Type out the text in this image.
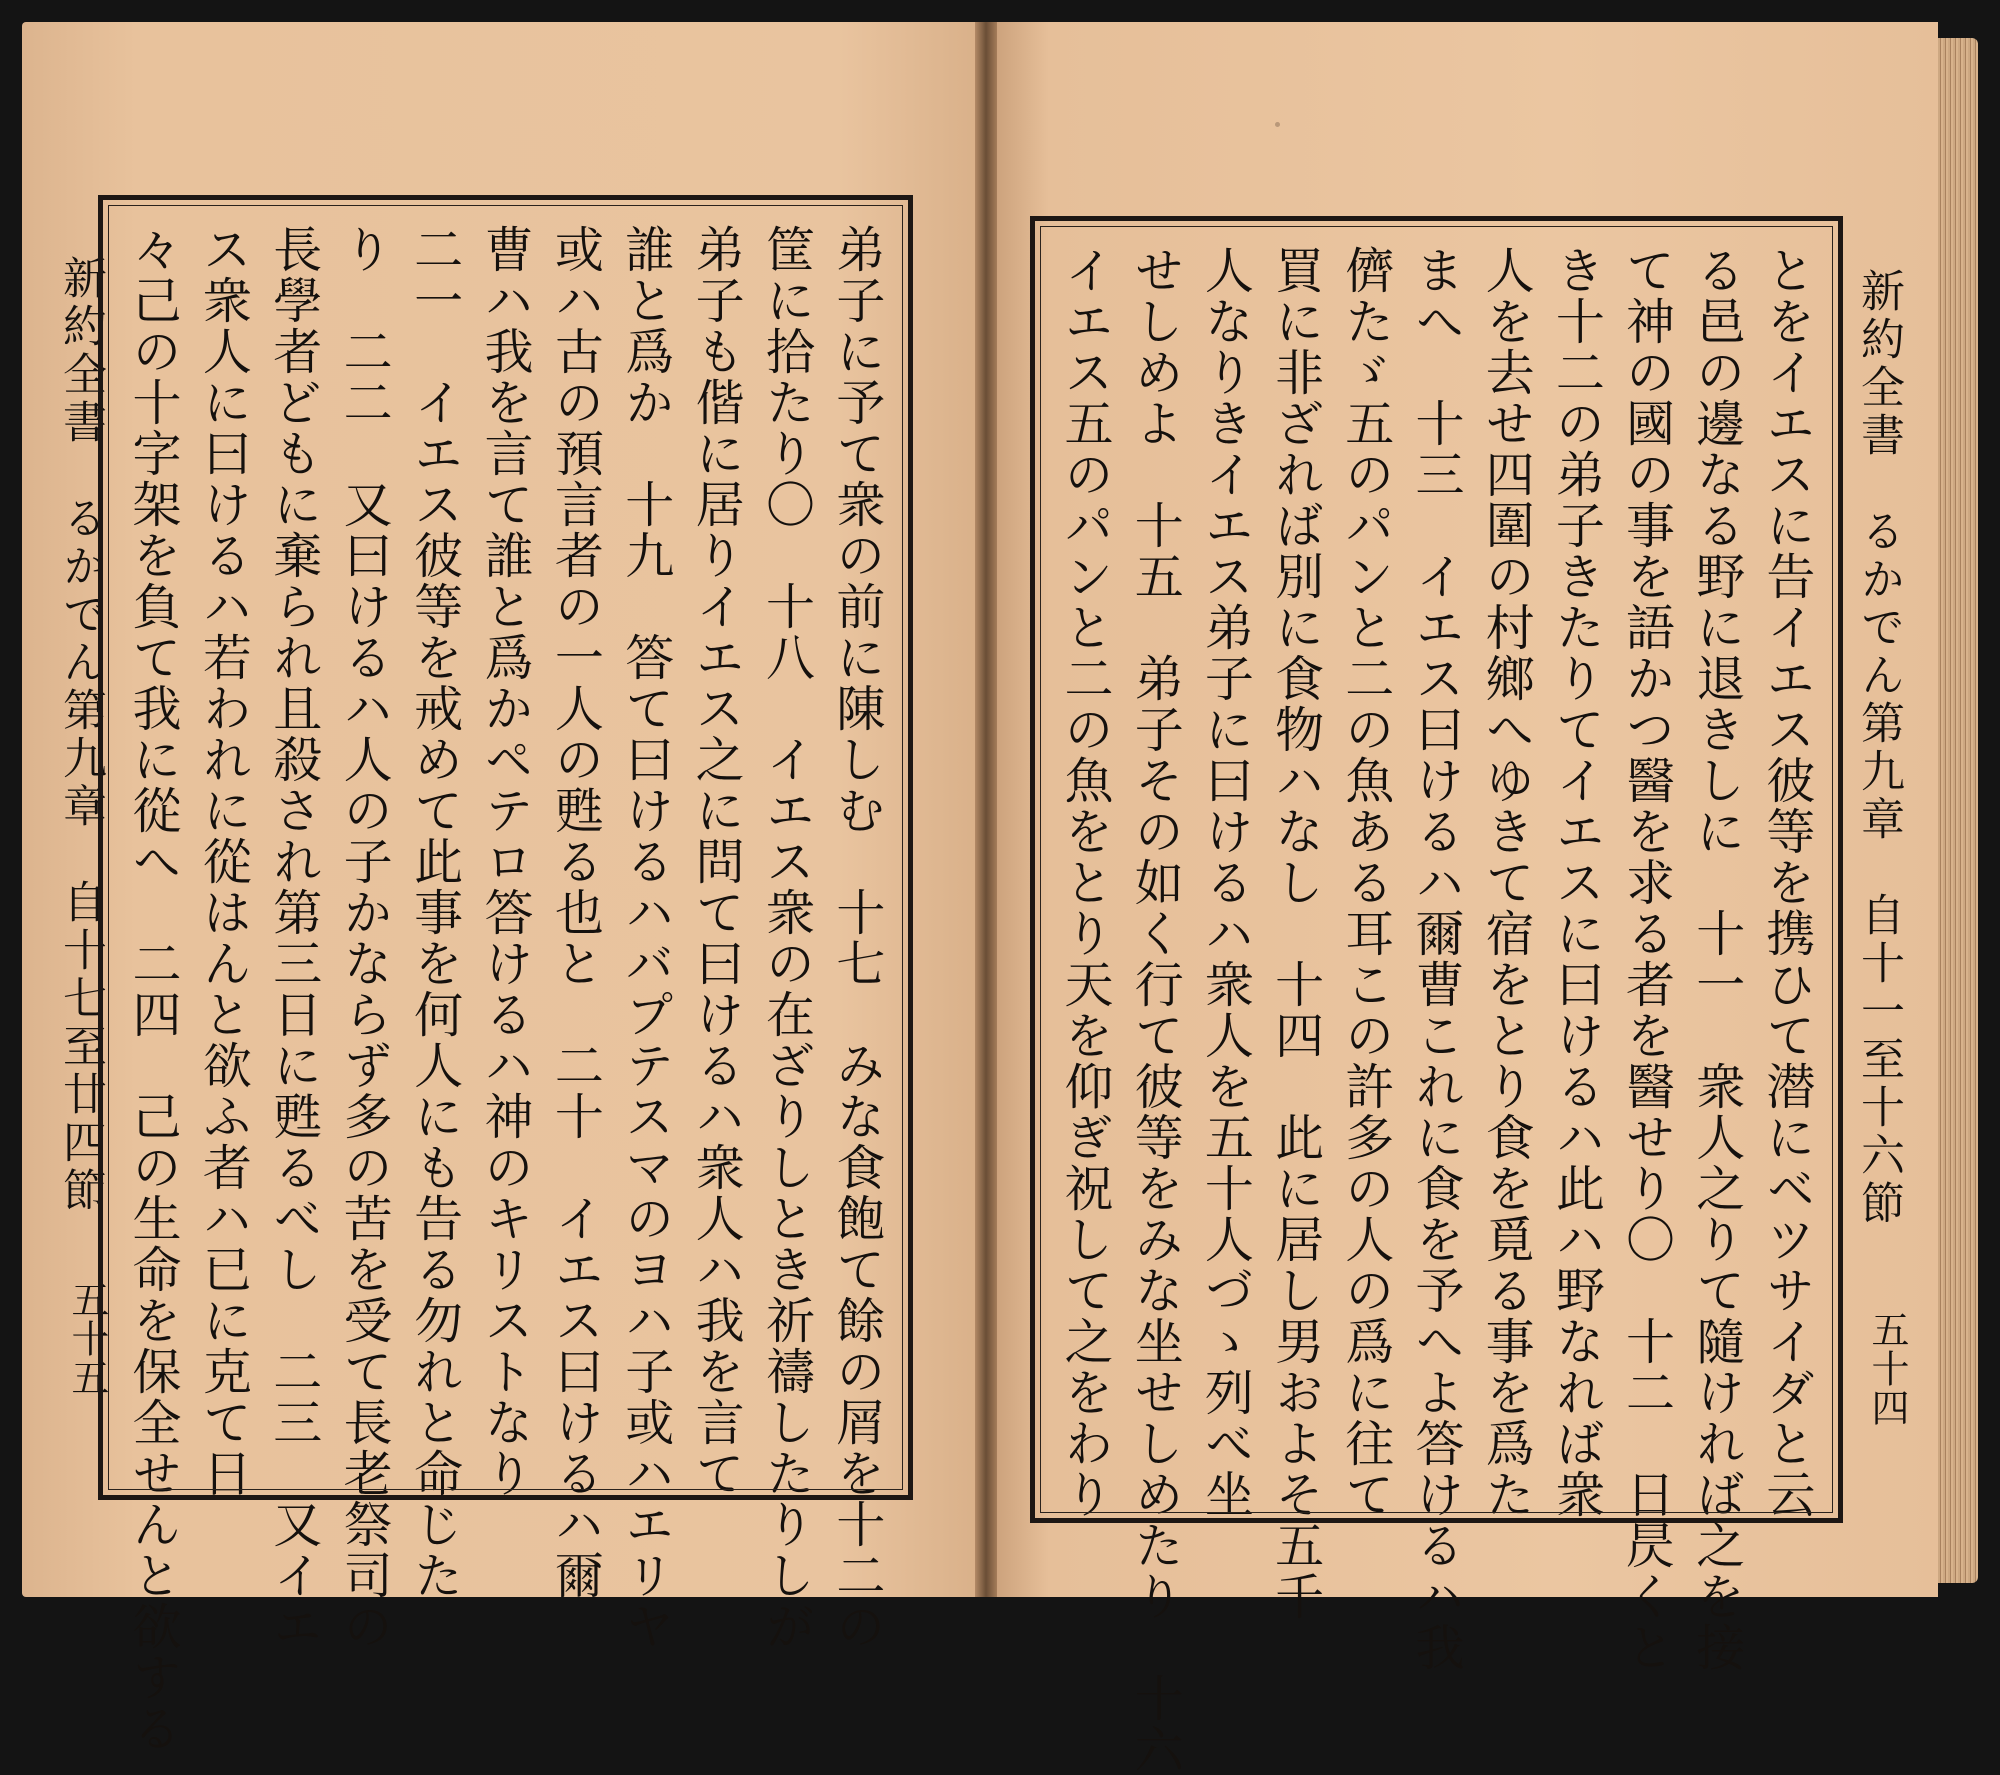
新約全書　るかでん第九章　自十七至廿四節
五十五	弟子に予て衆の前に陳しむ　十七　みな食飽て餘の屑を十二の
筐に拾たり〇　十八　イエス衆の在ざりしとき祈禱したりしが
弟子も偕に居りイエス之に問て曰けるハ衆人ハ我を言て
誰と爲か　十九　答て曰けるハバプテスマのヨハ子或ハエリヤ
或ハ古の預言者の一人の甦る也と　二十　イエス曰けるハ爾
曹ハ我を言て誰と爲かペテロ答けるハ神のキリストなり
二一　イエス彼等を戒めて此事を何人にも告る勿れと命じた
り　二二　又曰けるハ人の子かならず多の苦を受て長老祭司の
長學者どもに棄られ且殺され第三日に甦るべし　二三　又イエ
ス衆人に曰けるハ若われに從はんと欲ふ者ハ已に克て日
々己の十字架を負て我に從へ　二四　己の生命を保全せんと欲する	新約全書　るかでん第九章　自十一至十六節
五十四
とをイエスに告イエス彼等を携ひて潜にベツサイダと云
る邑の邊なる野に退きしに　十一　衆人之りて隨ければ之を接
て神の國の事を語かつ醫を求る者を醫せり〇　十二　日昃くと
き十二の弟子きたりてイエスに曰けるハ此ハ野なれば衆
人を去せ四圍の村鄉へゆきて宿をとり食を覓る事を爲た
まへ　十三　イエス曰けるハ爾曹これに食を予へよ答けるハ我
儕たゞ五のパンと二の魚ある耳この許多の人の爲に往て
買に非ざれば別に食物ハなし　十四　此に居し男およそ五千
人なりきイエス弟子に曰けるハ衆人を五十人づゝ列べ坐
せしめよ　十五　弟子その如く行て彼等をみな坐せしめたり　十六
イエス五のパンと二の魚をとり天を仰ぎ祝して之をわり
